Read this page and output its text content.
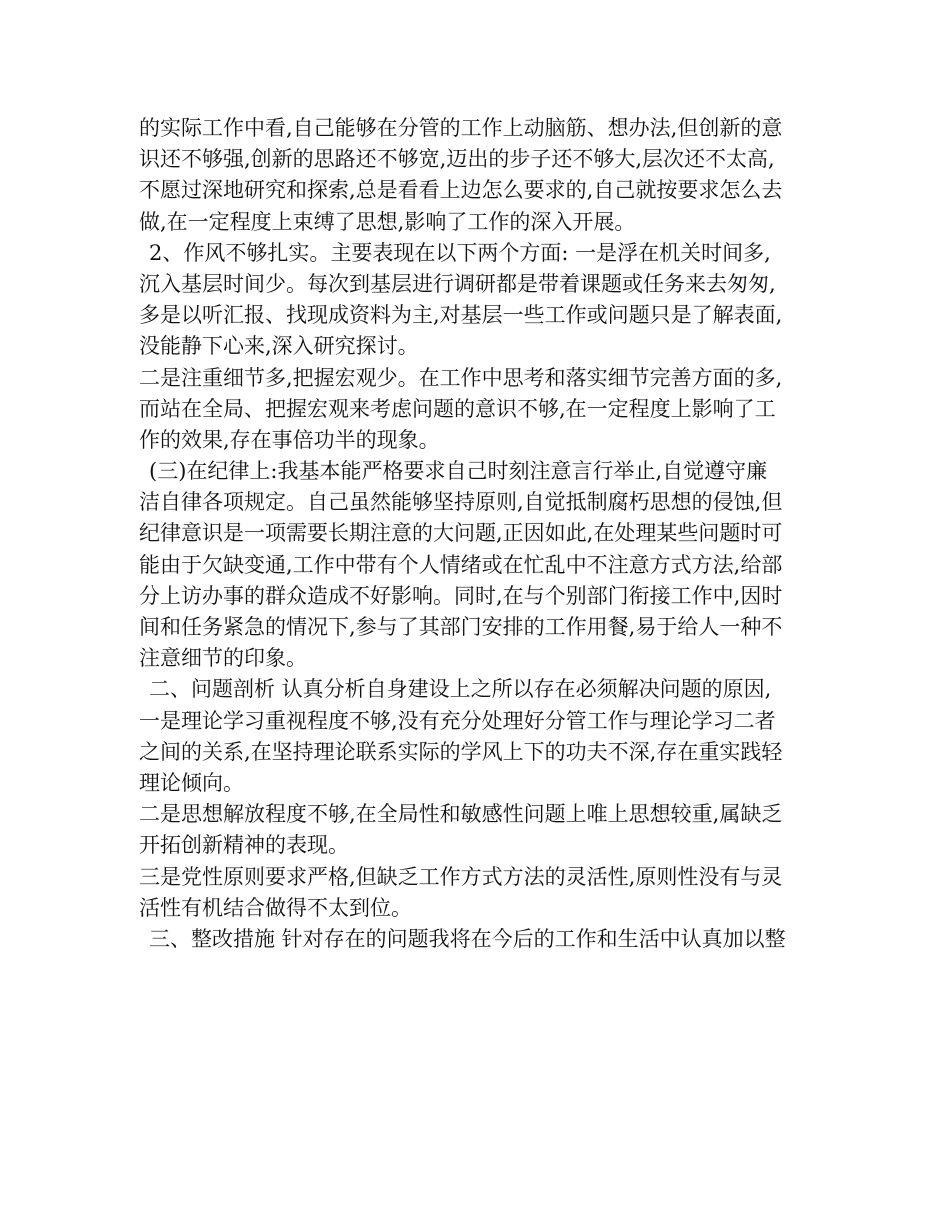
的实际工作中看,自己能够在分管的工作上动脑筋、想办法,但创新的意
识还不够强,创新的思路还不够宽,迈出的步子还不够大,层次还不太高,
不愿过深地研究和探索,总是看看上边怎么要求的,自己就按要求怎么去
做,在一定程度上束缚了思想,影响了工作的深入开展。
2、作风不够扎实。主要表现在以下两个方面: 一是浮在机关时间多,
沉入基层时间少。每次到基层进行调研都是带着课题或任务来去匆匆,
多是以听汇报、找现成资料为主,对基层一些工作或问题只是了解表面,
没能静下心来,深入研究探讨。
二是注重细节多,把握宏观少。在工作中思考和落实细节完善方面的多,
而站在全局、把握宏观来考虑问题的意识不够,在一定程度上影响了工
作的效果,存在事倍功半的现象。
(三)在纪律上:我基本能严格要求自己时刻注意言行举止,自觉遵守廉
洁自律各项规定。自己虽然能够坚持原则,自觉抵制腐朽思想的侵蚀,但
纪律意识是一项需要长期注意的大问题,正因如此,在处理某些问题时可
能由于欠缺变通,工作中带有个人情绪或在忙乱中不注意方式方法,给部
分上访办事的群众造成不好影响。同时,在与个别部门衔接工作中,因时
间和任务紧急的情况下,参与了其部门安排的工作用餐,易于给人一种不
注意细节的印象。
二、问题剖析 认真分析自身建设上之所以存在必须解决问题的原因,
一是理论学习重视程度不够,没有充分处理好分管工作与理论学习二者
之间的关系,在坚持理论联系实际的学风上下的功夫不深,存在重实践轻
理论倾向。
二是思想解放程度不够,在全局性和敏感性问题上唯上思想较重,属缺乏
开拓创新精神的表现。
三是党性原则要求严格,但缺乏工作方式方法的灵活性,原则性没有与灵
活性有机结合做得不太到位。
三、整改措施 针对存在的问题我将在今后的工作和生活中认真加以整
